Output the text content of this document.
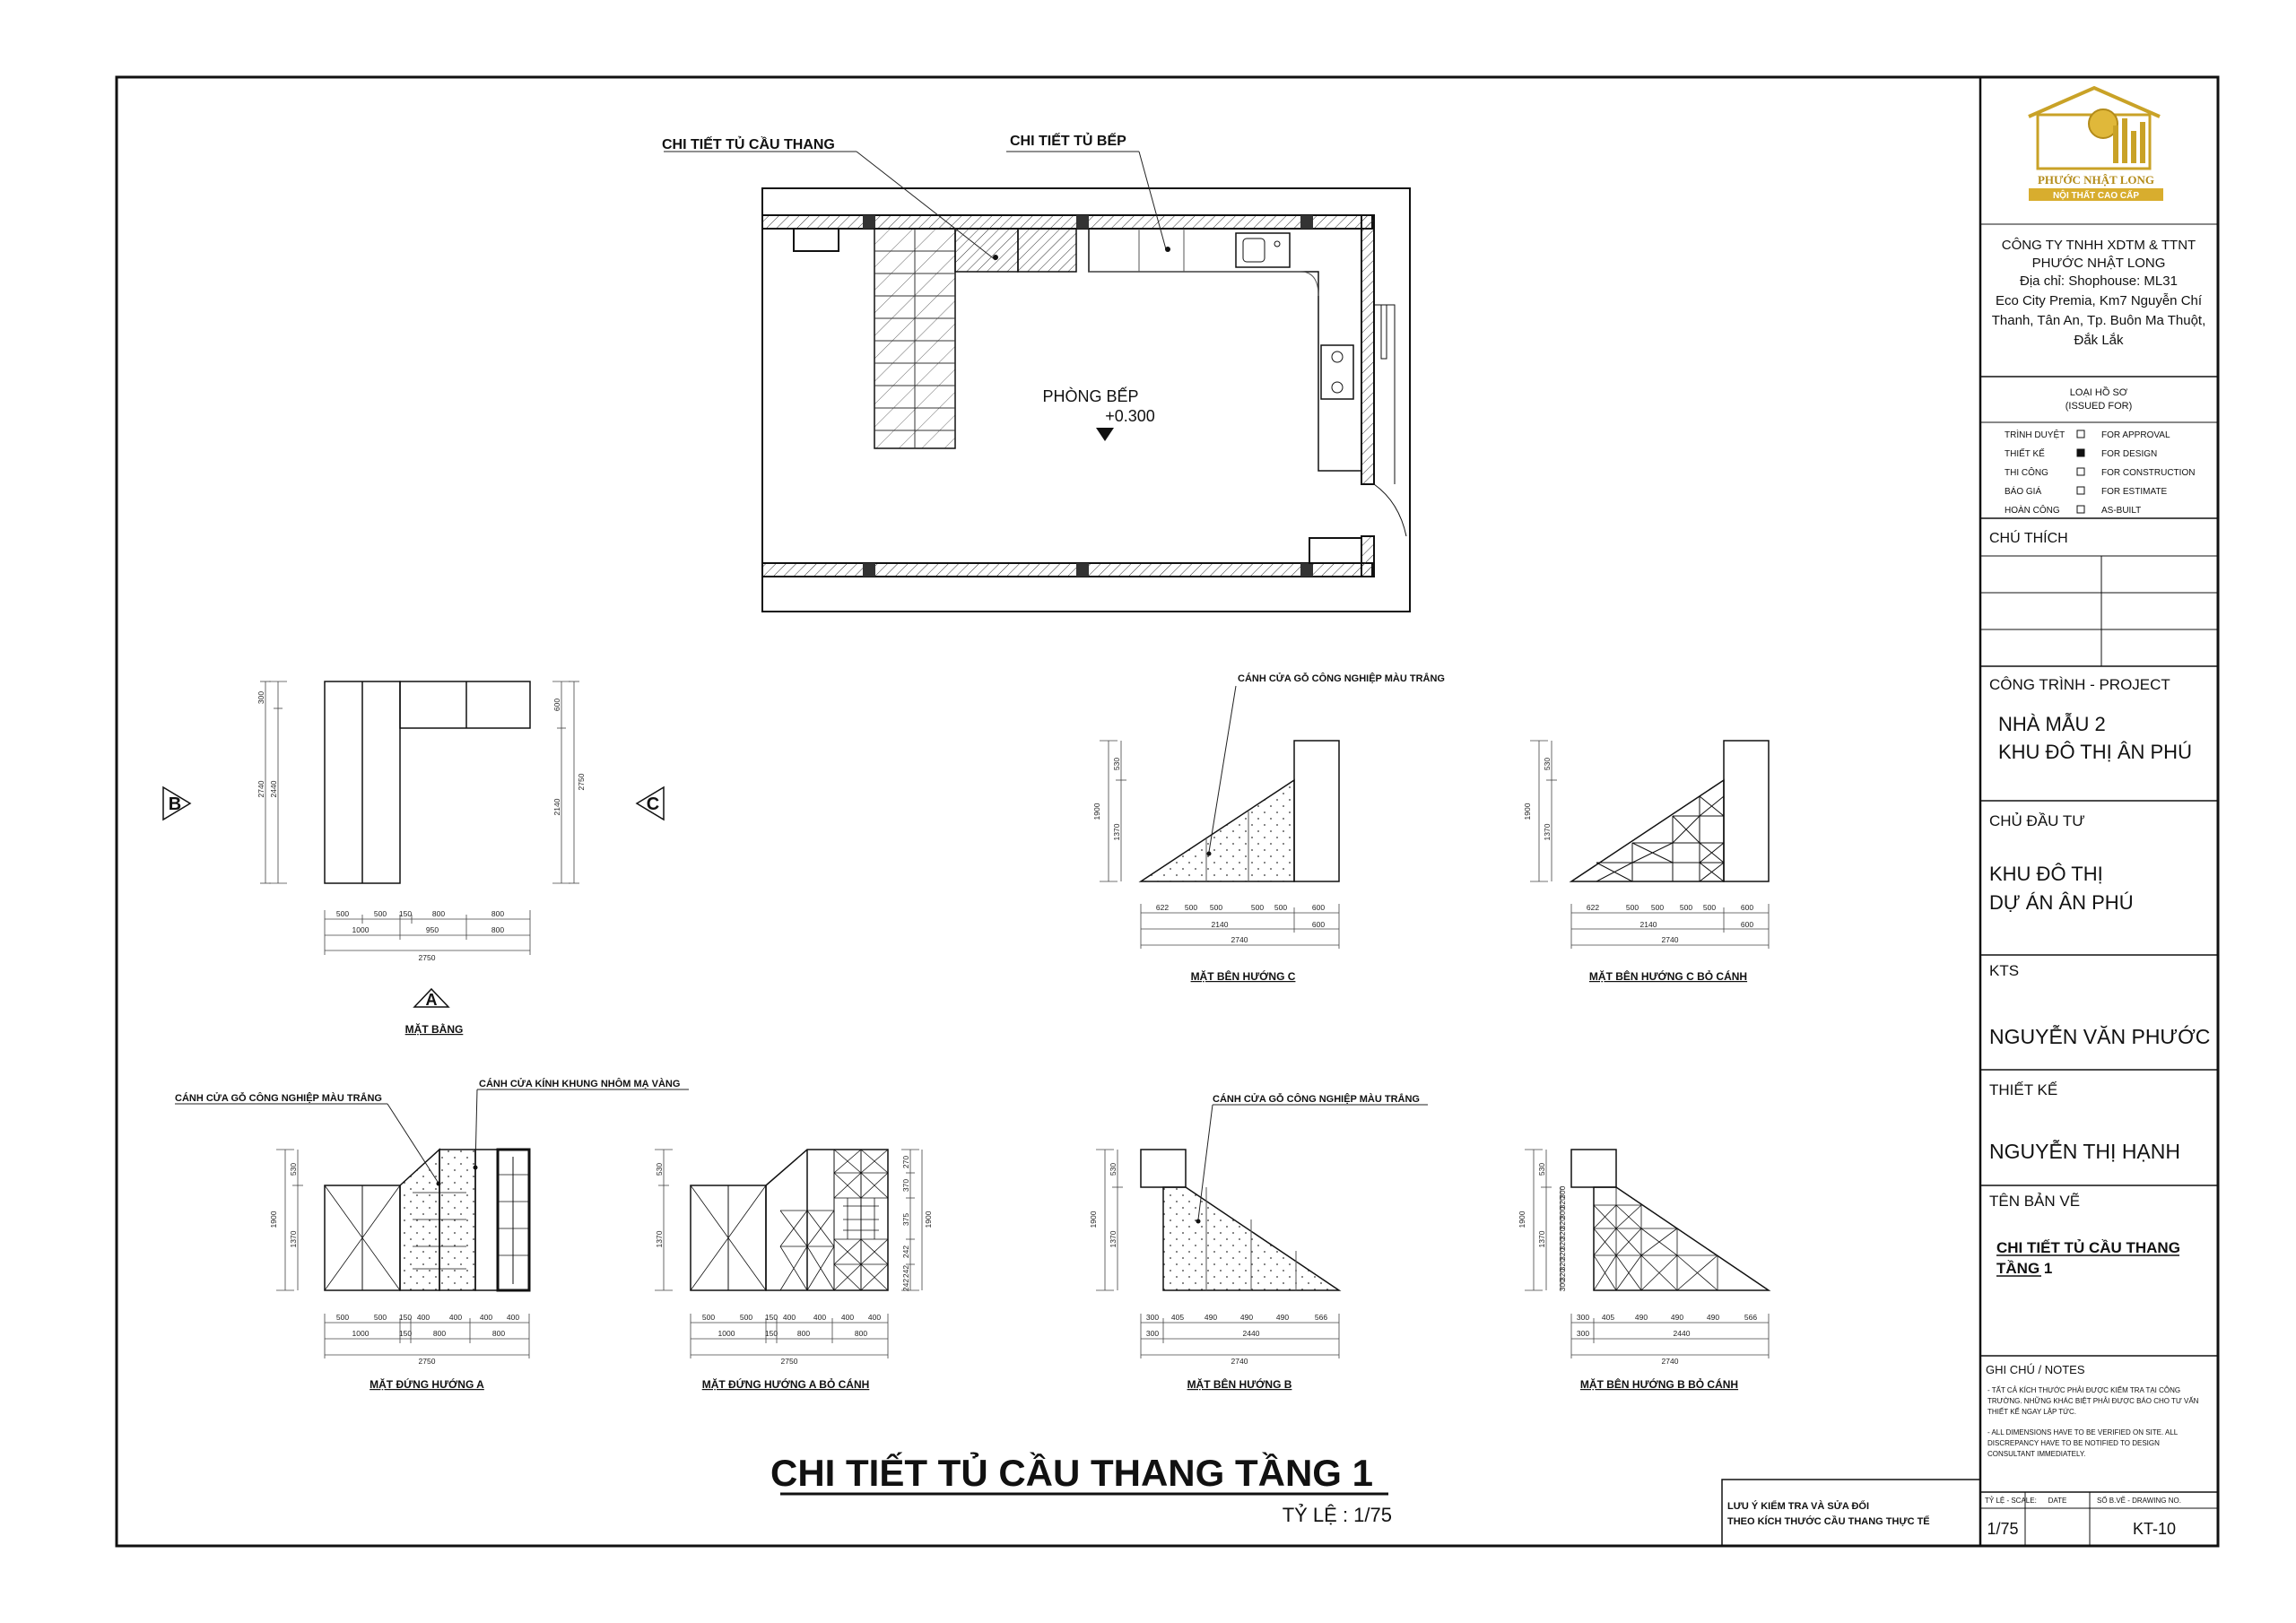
PHÒNG BẾP
+0.300
CHI TIẾT TỦ CẦU THANG	CHI TIẾT TỦ BẾP
300
2440
2740
600
2140
2750
500	500 150	800	800
1000	950	800
2750
B	C
A
MẶT BẰNG
530
1370
1900
622 500 500	500 500	600
2140	600
2740
CÁNH CỬA GỖ CÔNG NGHIỆP MÀU TRẮNG
MẶT BÊN HƯỚNG C
530
1370
1900
622	500 500 500 500	600
2140	600
2740
MẶT BÊN HƯỚNG C BỎ CÁNH
530
1370
1900
500	500 150 400	400 400 400
1000	150	800	800
2750
CÁNH CỬA GỖ CÔNG NGHIỆP MÀU TRẮNG
CÁNH CỬA KÍNH KHUNG NHÔM MẠ VÀNG
MẶT ĐỨNG HƯỚNG A
530
1370
270
370
375
242
242
242
1900
500	500 150 400 400 400 400
1000	150	800	800
2750
MẶT ĐỨNG HƯỚNG A BỎ CÁNH
530
1370
1900
300 405	490	490	490	566
300	2440
2740
CÁNH CỬA GỖ CÔNG NGHIỆP MÀU TRẮNG
MẶT BÊN HƯỚNG B
530
1370
1900
300
320
300
320
320
320
320
320
320
300
300 405	490	490	490	566
300	2440
2740
MẶT BÊN HƯỚNG B BỎ CÁNH
CHI TIẾT TỦ CẦU THANG TẦNG 1
TỶ LỆ : 1/75	LƯU Ý KIỂM TRA VÀ SỬA ĐỔI
THEO KÍCH THƯỚC CẦU THANG THỰC TẾ
PHƯỚC NHẬT LONG
NỘI THẤT CAO CẤP
CÔNG TY TNHH XDTM & TTNT
PHƯỚC NHẬT LONG
Địa chỉ: Shophouse: ML31
Eco City Premia, Km7 Nguyễn Chí
Thanh, Tân An, Tp. Buôn Ma Thuột,
Đắk Lắk
LOẠI HỒ SƠ
(ISSUED FOR)
TRÌNH DUYỆT	FOR APPROVAL
THIẾT KẾ	FOR DESIGN
THI CÔNG	FOR CONSTRUCTION
BÁO GIÁ	FOR ESTIMATE
HOÀN CÔNG	AS-BUILT
CHÚ THÍCH
CÔNG TRÌNH - PROJECT
NHÀ MẪU 2
KHU ĐÔ THỊ ÂN PHÚ
CHỦ ĐẦU TƯ
KHU ĐÔ THỊ
DỰ ÁN ÂN PHÚ
KTS
NGUYỄN VĂN PHƯỚC
THIẾT KẾ
NGUYỄN THỊ HẠNH
TÊN BẢN VẼ
CHI TIẾT TỦ CẦU THANG
TẦNG 1
GHI CHÚ / NOTES
- TẤT CẢ KÍCH THƯỚC PHẢI ĐƯỢC KIỂM TRA TẠI CÔNG
TRƯỜNG. NHỮNG KHÁC BIỆT PHẢI ĐƯỢC BÁO CHO TƯ VẤN
THIẾT KẾ NGAY LẬP TỨC.
- ALL DIMENSIONS HAVE TO BE VERIFIED ON SITE. ALL
DISCREPANCY HAVE TO BE NOTIFIED TO DESIGN
CONSULTANT IMMEDIATELY.
TỶ LỆ - SCALE: DATE	SỐ B.VẼ - DRAWING NO.
1/75	KT-10
